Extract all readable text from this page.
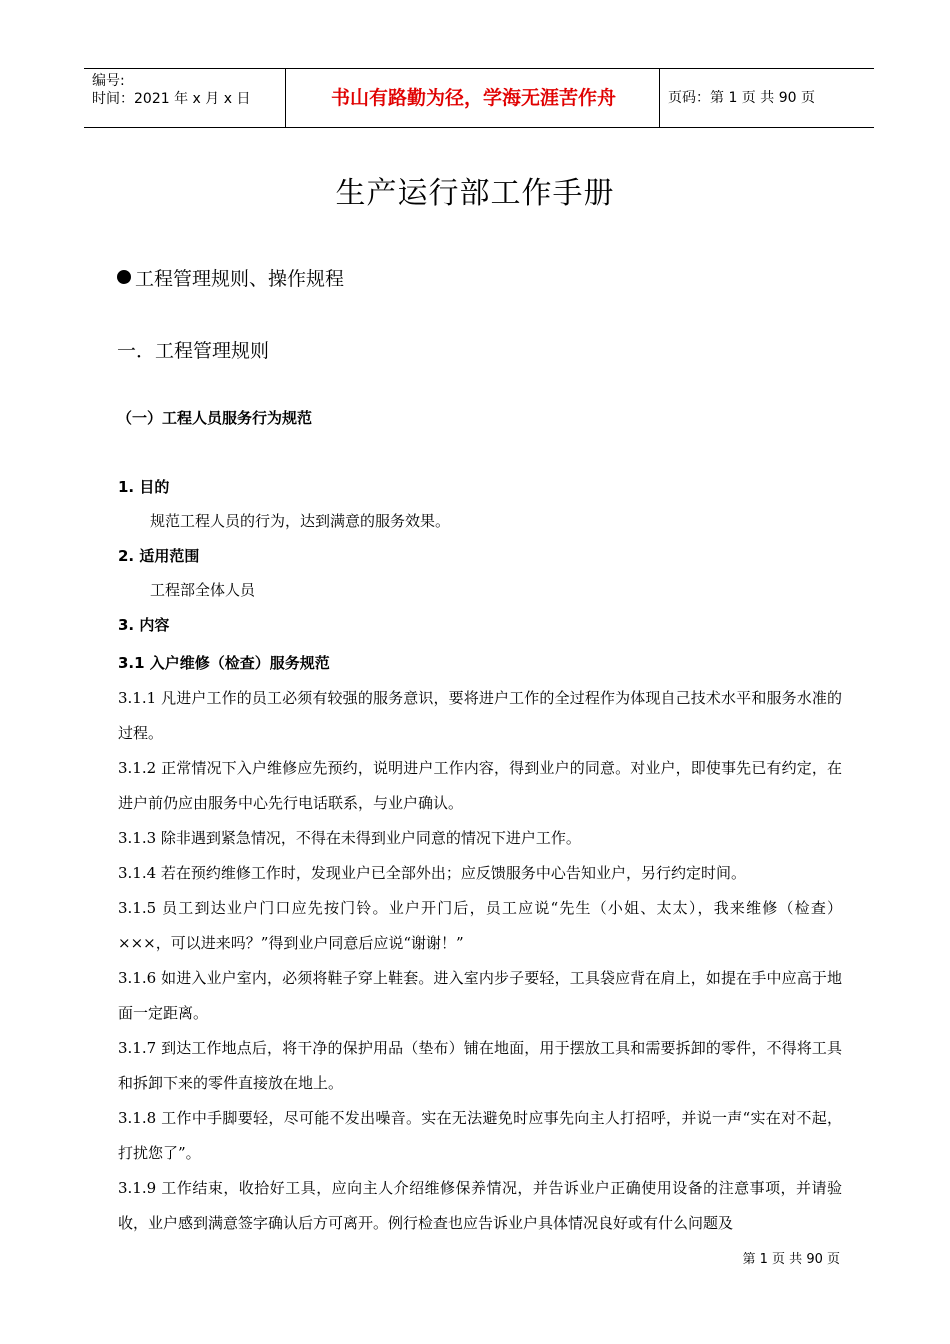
编号:
时间：2021 年 x 月 x 日	书山有路勤为径，学海无涯苦作舟	页码：第 1 页 共 90 页
生产运行部工作手册
工程管理规则、操作规程
一．工程管理规则
（一）工程人员服务行为规范
1. 目的
规范工程人员的行为，达到满意的服务效果。
2. 适用范围
工程部全体人员
3. 内容

3.1 入户维修（检查）服务规范

3.1.1 凡进户工作的员工必须有较强的服务意识，要将进户工作的全过程作为体现自己技术水平和服务水准的过程。

3.1.2 正常情况下入户维修应先预约，说明进户工作内容，得到业户的同意。对业户，即使事先已有约定，在进户前仍应由服务中心先行电话联系，与业户确认。

3.1.3 除非遇到紧急情况，不得在未得到业户同意的情况下进户工作。

3.1.4 若在预约维修工作时，发现业户已全部外出；应反馈服务中心告知业户，另行约定时间。

3.1.5 员工到达业户门口应先按门铃。业户开门后，员工应说“先生（小姐、太太），我来维修（检查）×××，可以进来吗？”得到业户同意后应说“谢谢！”

3.1.6 如进入业户室内，必须将鞋子穿上鞋套。进入室内步子要轻，工具袋应背在肩上，如提在手中应高于地面一定距离。

3.1.7 到达工作地点后，将干净的保护用品（垫布）铺在地面，用于摆放工具和需要拆卸的零件，不得将工具和拆卸下来的零件直接放在地上。

3.1.8 工作中手脚要轻，尽可能不发出噪音。实在无法避免时应事先向主人打招呼，并说一声“实在对不起，打扰您了”。

3.1.9 工作结束，收拾好工具，应向主人介绍维修保养情况，并告诉业户正确使用设备的注意事项，并请验收，业户感到满意签字确认后方可离开。例行检查也应告诉业户具体情况良好或有什么问题及

第 1 页 共 90 页
